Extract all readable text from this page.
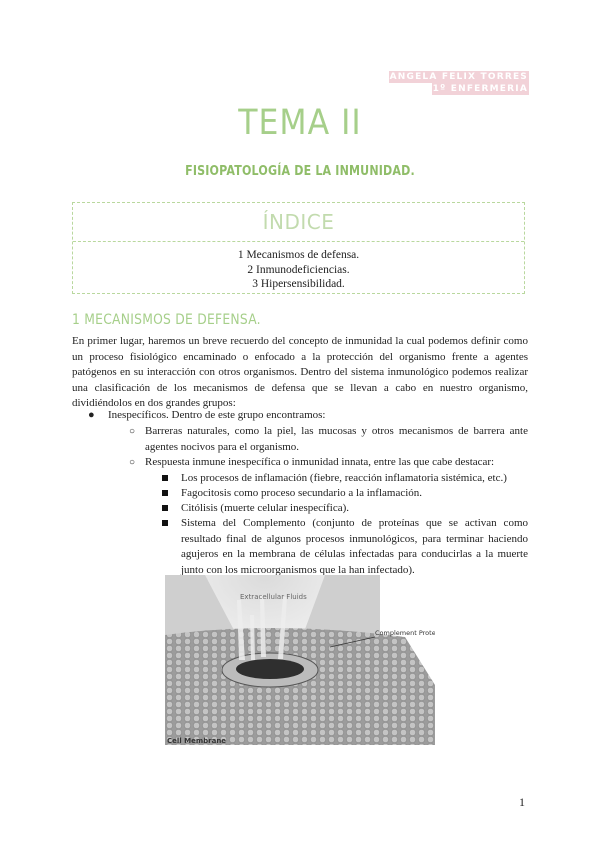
ANGELA FELIX TORRES
1º ENFERMERIA
TEMA II
FISIOPATOLOGÍA DE LA INMUNIDAD.
ÍNDICE
1 Mecanismos de defensa.
2 Inmunodeficiencias.
3 Hipersensibilidad.
1 MECANISMOS DE DEFENSA.
En primer lugar, haremos un breve recuerdo del concepto de inmunidad la cual podemos definir como un proceso fisiológico encaminado o enfocado a la protección del organismo frente a agentes patógenos en su interacción con otros organismos. Dentro del sistema inmunológico podemos realizar una clasificación de los mecanismos de defensa que se llevan a cabo en nuestro organismo, dividiéndolos en dos grandes grupos:
● Inespecíficos. Dentro de este grupo encontramos:
○ Barreras naturales, como la piel, las mucosas y otros mecanismos de barrera ante agentes nocivos para el organismo.
○ Respuesta inmune inespecífica o inmunidad innata, entre las que cabe destacar:
Los procesos de inflamación (fiebre, reacción inflamatoria sistémica, etc.)
Fagocitosis como proceso secundario a la inflamación.
Citólisis (muerte celular inespecífica).
Sistema del Complemento (conjunto de proteínas que se activan como resultado final de algunos procesos inmunológicos, para terminar haciendo agujeros en la membrana de células infectadas para conducirlas a la muerte junto con los microorganismos que la han infectado).
Extracellular Fluids
Complement Protein
Cell Membrane
1
